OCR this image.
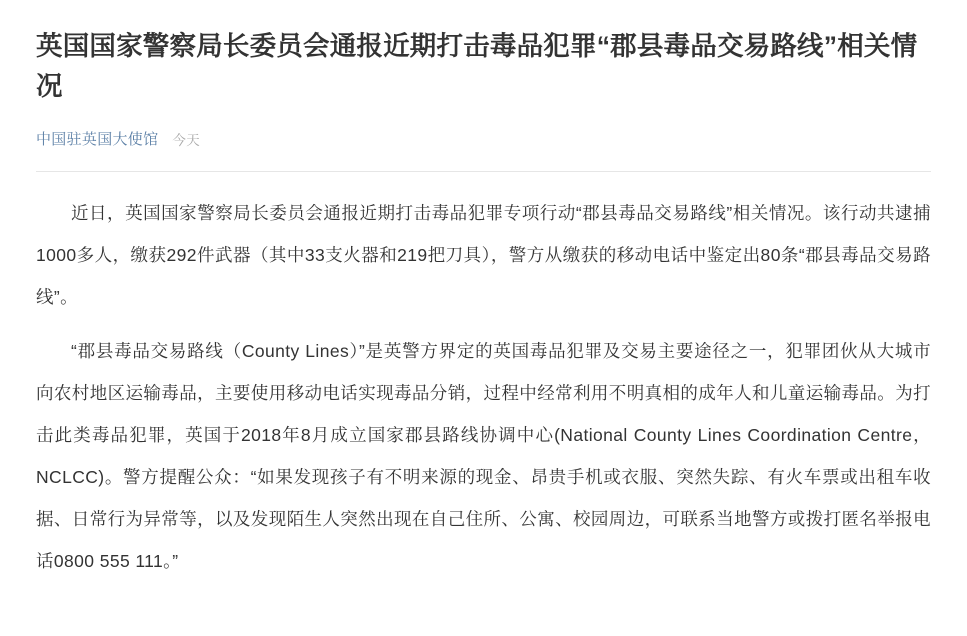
英国国家警察局长委员会通报近期打击毒品犯罪“郡县毒品交易路线”相关情况
中国驻英国大使馆 今天

近日，英国国家警察局长委员会通报近期打击毒品犯罪专项行动“郡县毒品交易路线”相关情况。该行动共逮捕1000多人，缴获292件武器（其中33支火器和219把刀具），警方从缴获的移动电话中鉴定出80条“郡县毒品交易路线”。

“郡县毒品交易路线（County Lines）”是英警方界定的英国毒品犯罪及交易主要途径之一，犯罪团伙从大城市向农村地区运输毒品，主要使用移动电话实现毒品分销，过程中经常利用不明真相的成年人和儿童运输毒品。为打击此类毒品犯罪，英国于2018年8月成立国家郡县路线协调中心(National County Lines Coordination Centre，NCLCC)。警方提醒公众：“如果发现孩子有不明来源的现金、昂贵手机或衣服、突然失踪、有火车票或出租车收据、日常行为异常等，以及发现陌生人突然出现在自己住所、公寓、校园周边，可联系当地警方或拨打匿名举报电话0800 555 111。”
